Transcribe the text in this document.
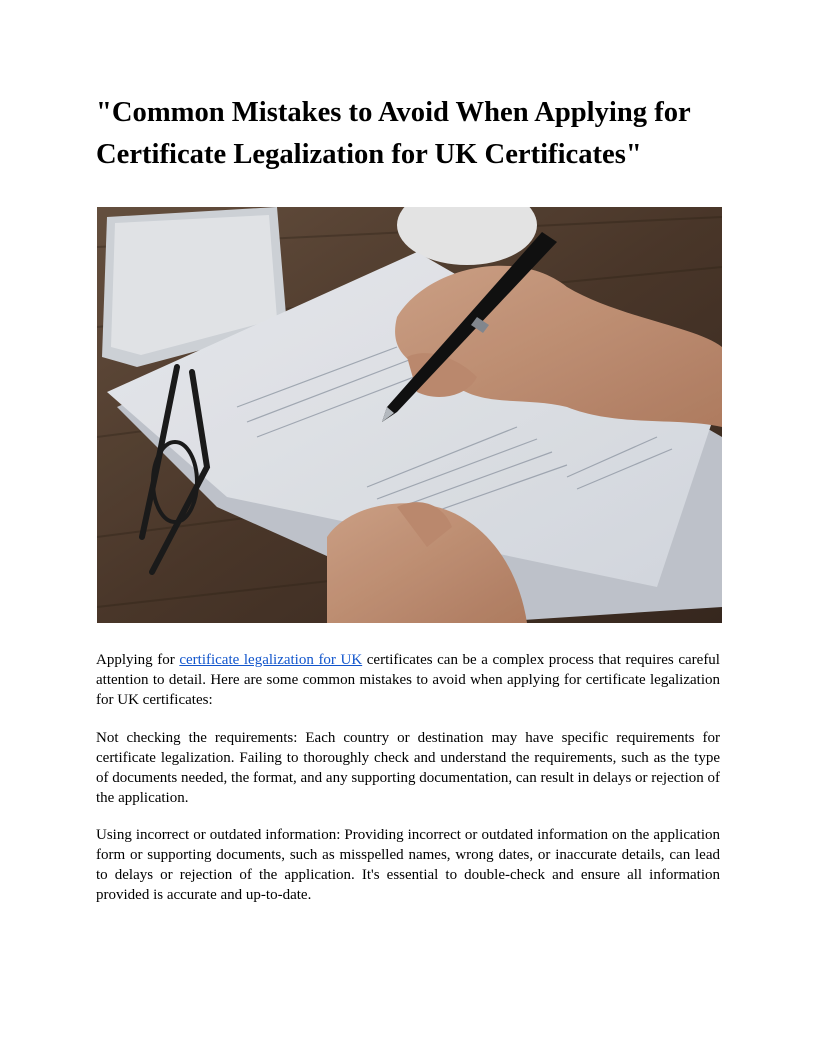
"Common Mistakes to Avoid When Applying for Certificate Legalization for UK Certificates"

Applying for certificate legalization for UK certificates can be a complex process that requires careful attention to detail. Here are some common mistakes to avoid when applying for certificate legalization for UK certificates:

Not checking the requirements: Each country or destination may have specific requirements for certificate legalization. Failing to thoroughly check and understand the requirements, such as the type of documents needed, the format, and any supporting documentation, can result in delays or rejection of the application.

Using incorrect or outdated information: Providing incorrect or outdated information on the application form or supporting documents, such as misspelled names, wrong dates, or inaccurate details, can lead to delays or rejection of the application. It's essential to double-check and ensure all information provided is accurate and up-to-date.
